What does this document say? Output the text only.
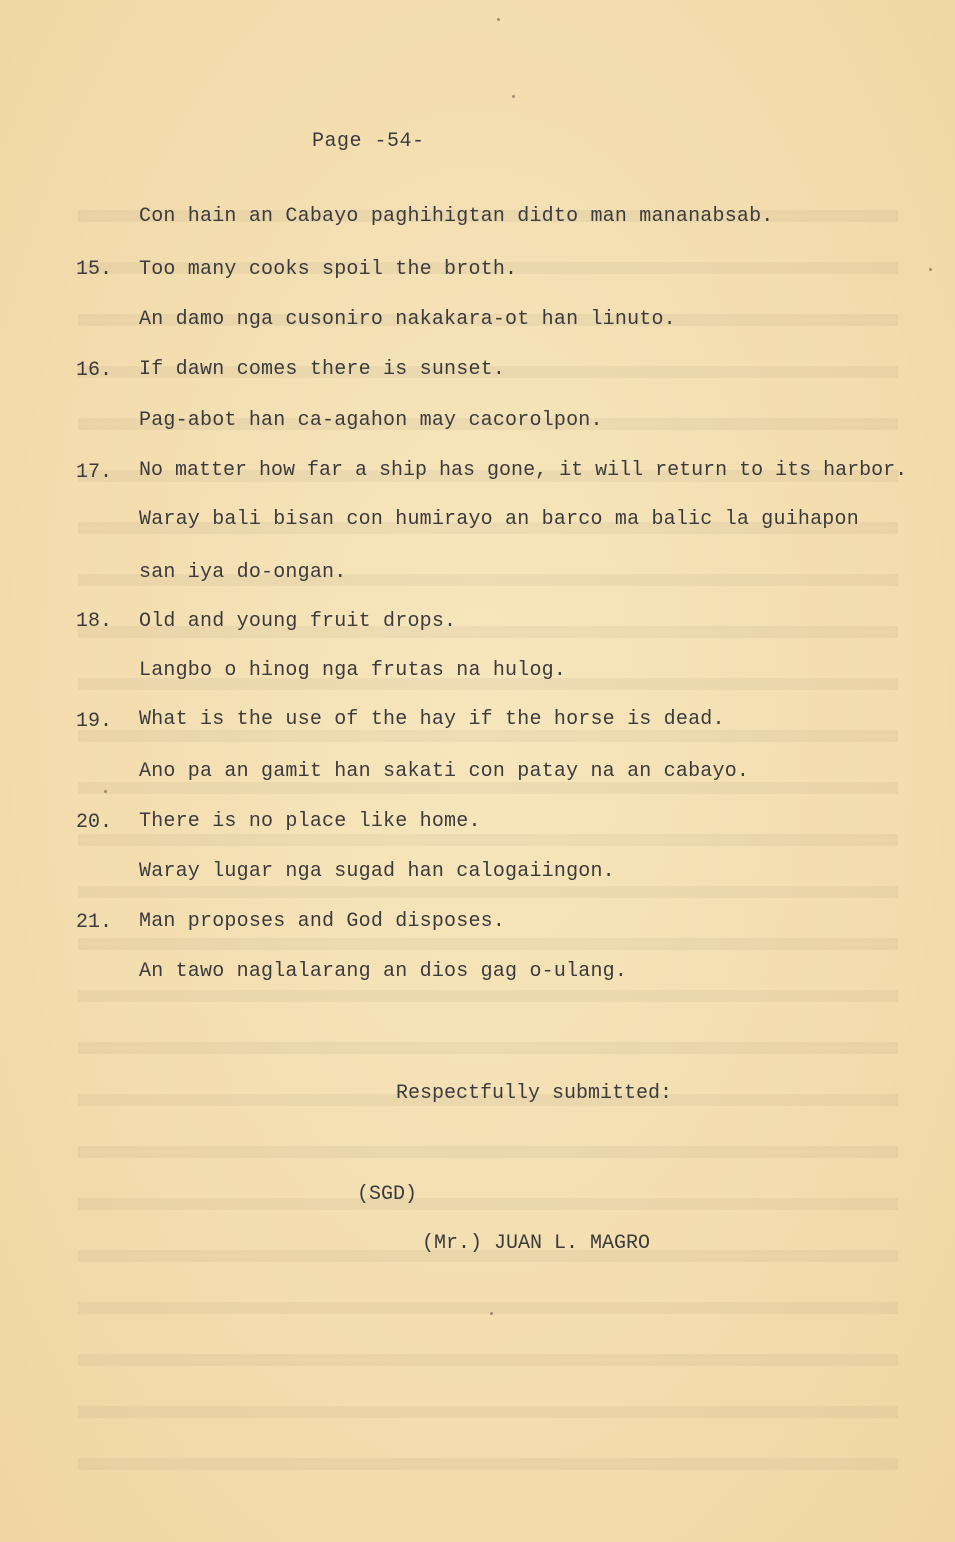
Page -54-
Con hain an Cabayo paghihigtan didto man mananabsab.
15. Too many cooks spoil the broth.
An damo nga cusoniro nakakara-ot han linuto.
16. If dawn comes there is sunset.
Pag-abot han ca-agahon may cacorolpon.
17. No matter how far a ship has gone, it will return to its harbor.
Waray bali bisan con humirayo an barco ma balic la guihapon
san iya do-ongan.
18. Old and young fruit drops.
Langbo o hinog nga frutas na hulog.
19. What is the use of the hay if the horse is dead.
Ano pa an gamit han sakati con patay na an cabayo.
20. There is no place like home.
Waray lugar nga sugad han calogaiingon.
21. Man proposes and God disposes.
An tawo naglalarang an dios gag o-ulang.
Respectfully submitted:
(SGD)
(Mr.) JUAN L. MAGRO
